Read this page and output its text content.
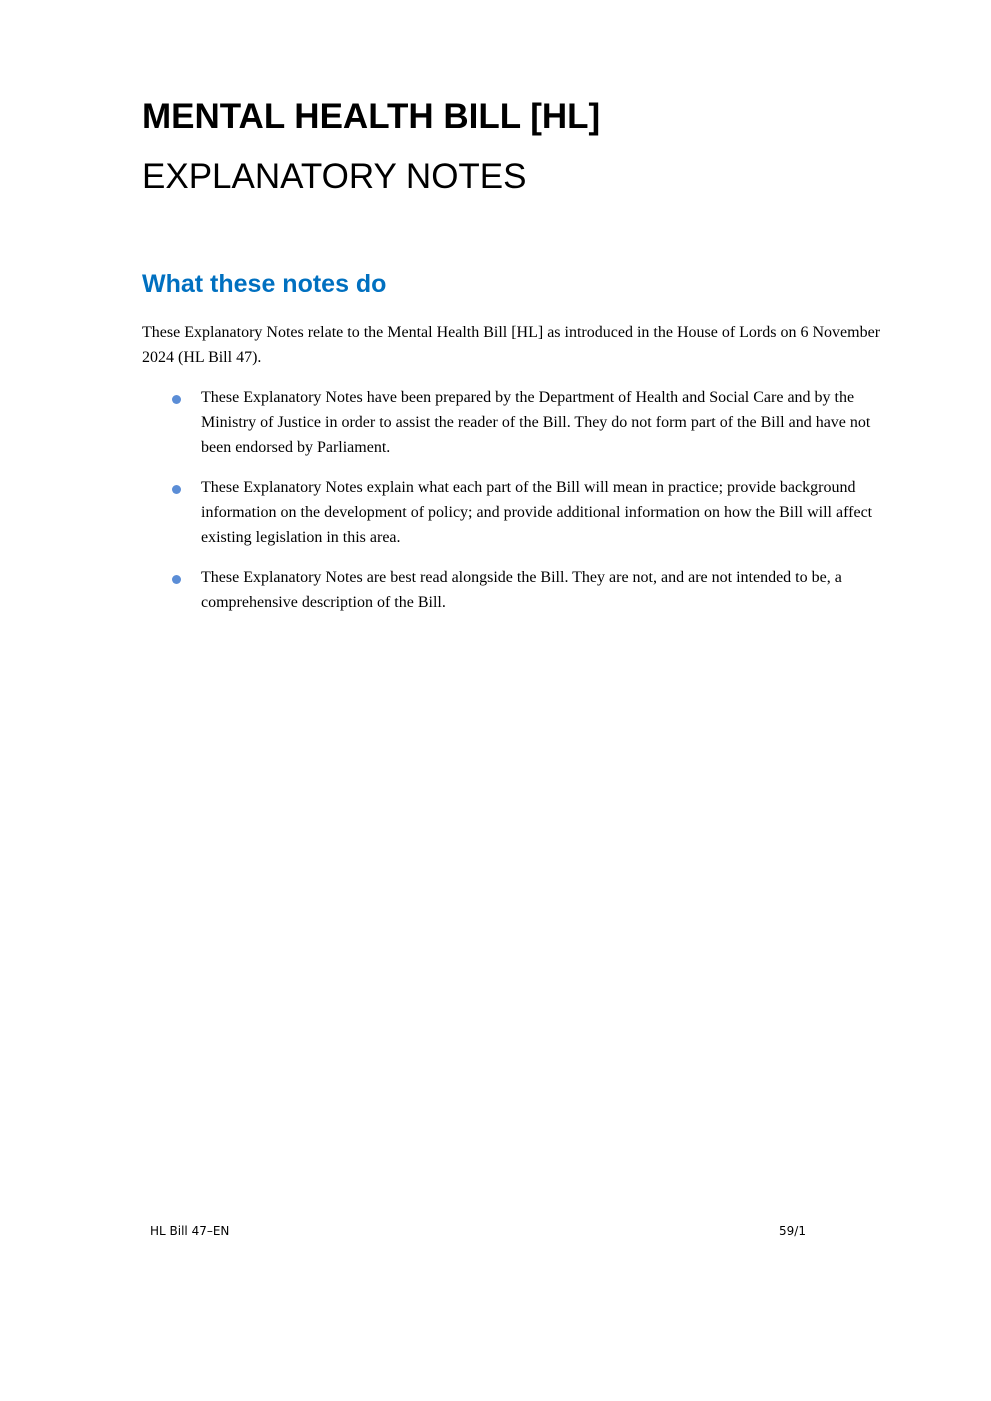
MENTAL HEALTH BILL [HL]
EXPLANATORY NOTES
What these notes do

These Explanatory Notes relate to the Mental Health Bill [HL] as introduced in the House of Lords on 6 November 2024 (HL Bill 47).

These Explanatory Notes have been prepared by the Department of Health and Social Care and by the Ministry of Justice in order to assist the reader of the Bill. They do not form part of the Bill and have not been endorsed by Parliament.
These Explanatory Notes explain what each part of the Bill will mean in practice; provide background information on the development of policy; and provide additional information on how the Bill will affect existing legislation in this area.
These Explanatory Notes are best read alongside the Bill. They are not, and are not intended to be, a comprehensive description of the Bill.
HL Bill 47–EN	59/1
